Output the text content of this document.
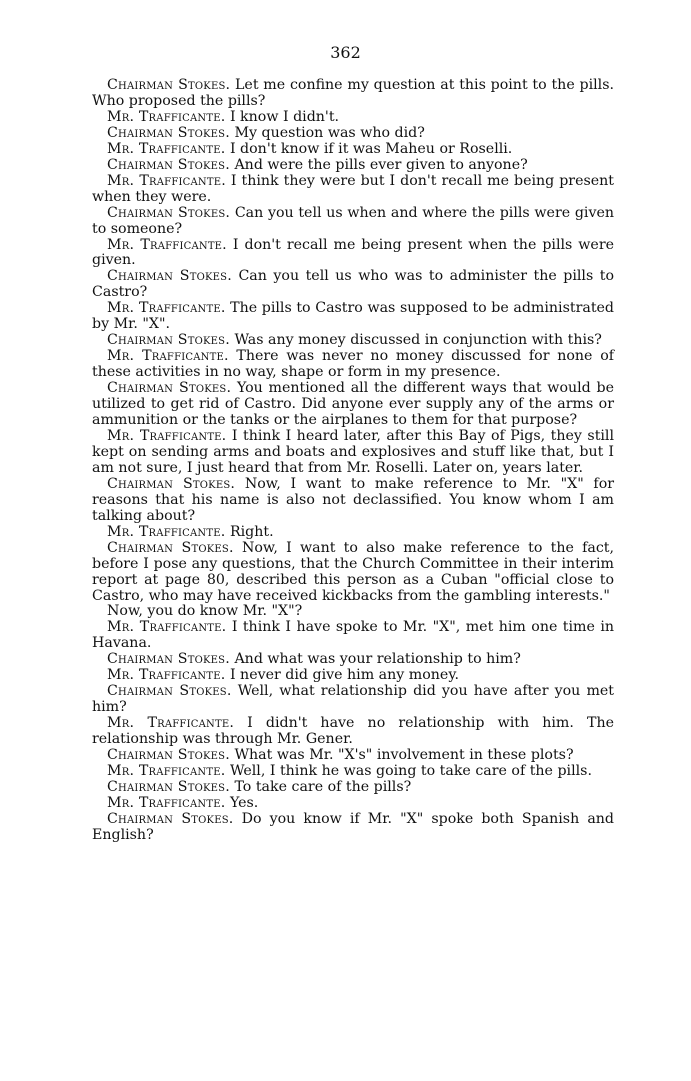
362

Chairman Stokes. Let me confine my question at this point to the pills. Who proposed the pills?

Mr. Trafficante. I know I didn't.

Chairman Stokes. My question was who did?

Mr. Trafficante. I don't know if it was Maheu or Roselli.

Chairman Stokes. And were the pills ever given to anyone?

Mr. Trafficante. I think they were but I don't recall me being present when they were.

Chairman Stokes. Can you tell us when and where the pills were given to someone?

Mr. Trafficante. I don't recall me being present when the pills were given.

Chairman Stokes. Can you tell us who was to administer the pills to Castro?

Mr. Trafficante. The pills to Castro was supposed to be administrated by Mr. "X".

Chairman Stokes. Was any money discussed in conjunction with this?

Mr. Trafficante. There was never no money discussed for none of these activities in no way, shape or form in my presence.

Chairman Stokes. You mentioned all the different ways that would be utilized to get rid of Castro. Did anyone ever supply any of the arms or ammunition or the tanks or the airplanes to them for that purpose?

Mr. Trafficante. I think I heard later, after this Bay of Pigs, they still kept on sending arms and boats and explosives and stuff like that, but I am not sure, I just heard that from Mr. Roselli. Later on, years later.

Chairman Stokes. Now, I want to make reference to Mr. "X" for reasons that his name is also not declassified. You know whom I am talking about?

Mr. Trafficante. Right.

Chairman Stokes. Now, I want to also make reference to the fact, before I pose any questions, that the Church Committee in their interim report at page 80, described this person as a Cuban "official close to Castro, who may have received kickbacks from the gambling interests."

Now, you do know Mr. "X"?

Mr. Trafficante. I think I have spoke to Mr. "X", met him one time in Havana.

Chairman Stokes. And what was your relationship to him?

Mr. Trafficante. I never did give him any money.

Chairman Stokes. Well, what relationship did you have after you met him?

Mr. Trafficante. I didn't have no relationship with him. The relationship was through Mr. Gener.

Chairman Stokes. What was Mr. "X's" involvement in these plots?

Mr. Trafficante. Well, I think he was going to take care of the pills.

Chairman Stokes. To take care of the pills?

Mr. Trafficante. Yes.

Chairman Stokes. Do you know if Mr. "X" spoke both Spanish and English?
